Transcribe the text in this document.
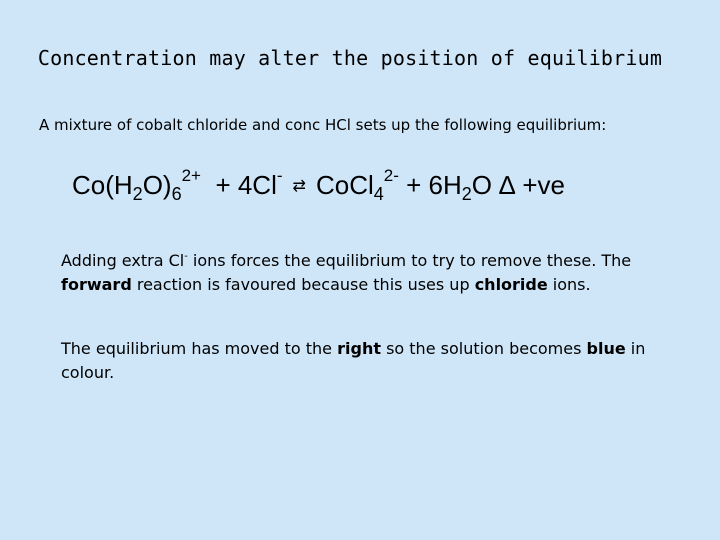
Concentration may alter the position of equilibrium
A mixture of cobalt chloride and conc HCl sets up the following equilibrium:
$Co(H_2O)_6^{2+}$  + 4Cl-⇄ CoCl$_4^{2-}$ + $6H_2O$ ∆ +ve
Adding extra Cl- ions forces the equilibrium to try to remove these. The forward reaction is favoured because this uses up chloride ions.
The equilibrium has moved to the right so the solution becomes blue in colour.
